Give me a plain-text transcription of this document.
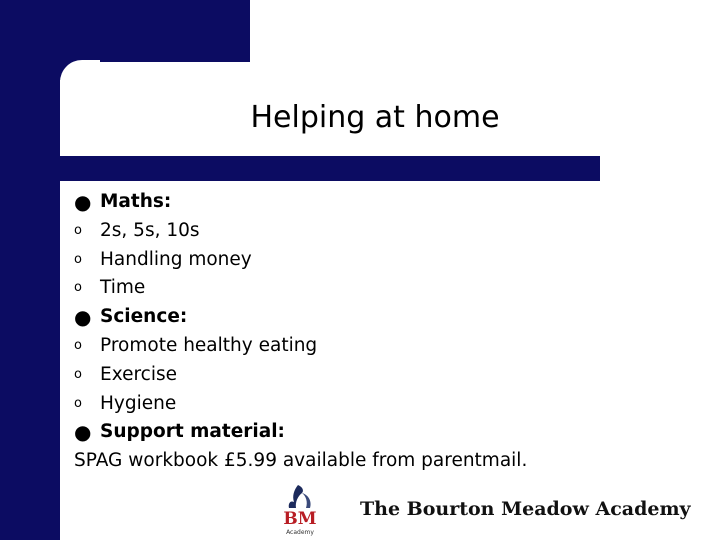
Helping at home
● Maths:
o 2s, 5s, 10s
o Handling money
o Time
● Science:
o Promote healthy eating
o Exercise
o Hygiene
● Support material:
SPAG workbook £5.99 available from parentmail.
BM
Academy
The Bourton Meadow Academy
